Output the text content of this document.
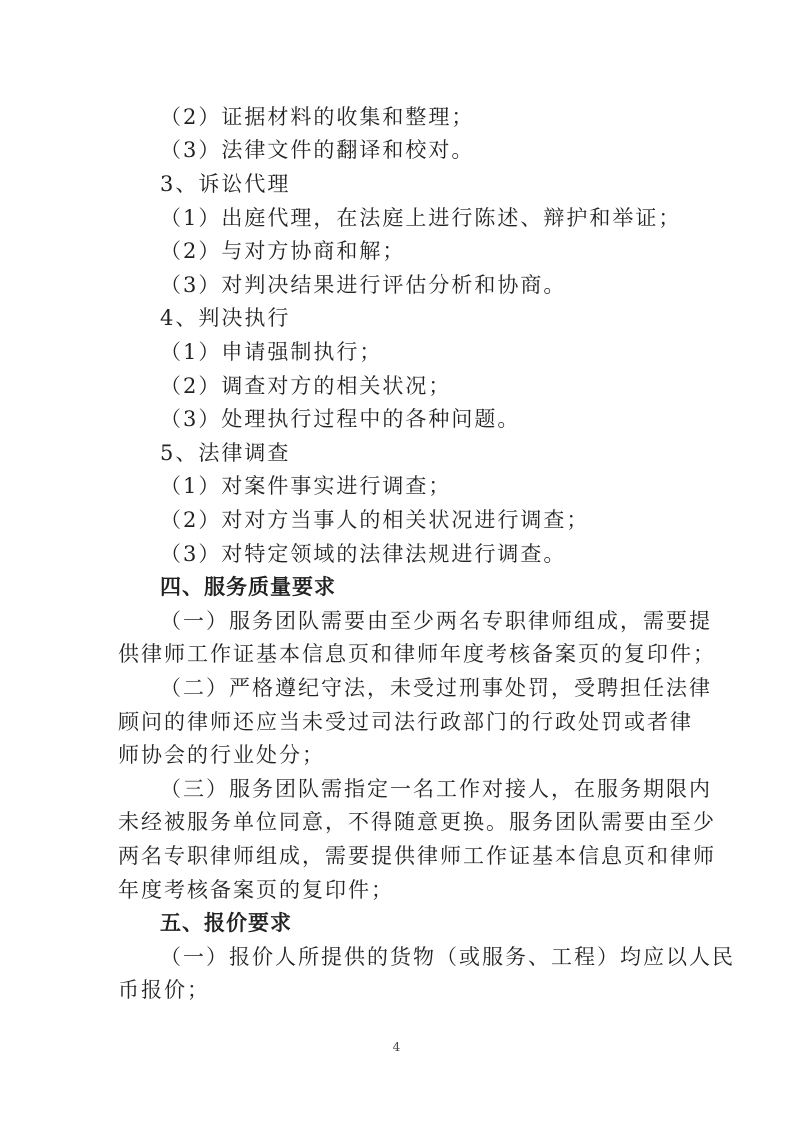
（2）证据材料的收集和整理；
（3）法律文件的翻译和校对。
3、诉讼代理
（1）出庭代理，在法庭上进行陈述、辩护和举证；
（2）与对方协商和解；
（3）对判决结果进行评估分析和协商。
4、判决执行
（1）申请强制执行；
（2）调查对方的相关状况；
（3）处理执行过程中的各种问题。
5、法律调查
（1）对案件事实进行调查；
（2）对对方当事人的相关状况进行调查；
（3）对特定领域的法律法规进行调查。
四、服务质量要求
（一）服务团队需要由至少两名专职律师组成，需要提
供律师工作证基本信息页和律师年度考核备案页的复印件；
（二）严格遵纪守法，未受过刑事处罚，受聘担任法律
顾问的律师还应当未受过司法行政部门的行政处罚或者律
师协会的行业处分；
（三）服务团队需指定一名工作对接人，在服务期限内
未经被服务单位同意，不得随意更换。服务团队需要由至少
两名专职律师组成，需要提供律师工作证基本信息页和律师
年度考核备案页的复印件；
五、报价要求
（一）报价人所提供的货物（或服务、工程）均应以人民
币报价；
4
